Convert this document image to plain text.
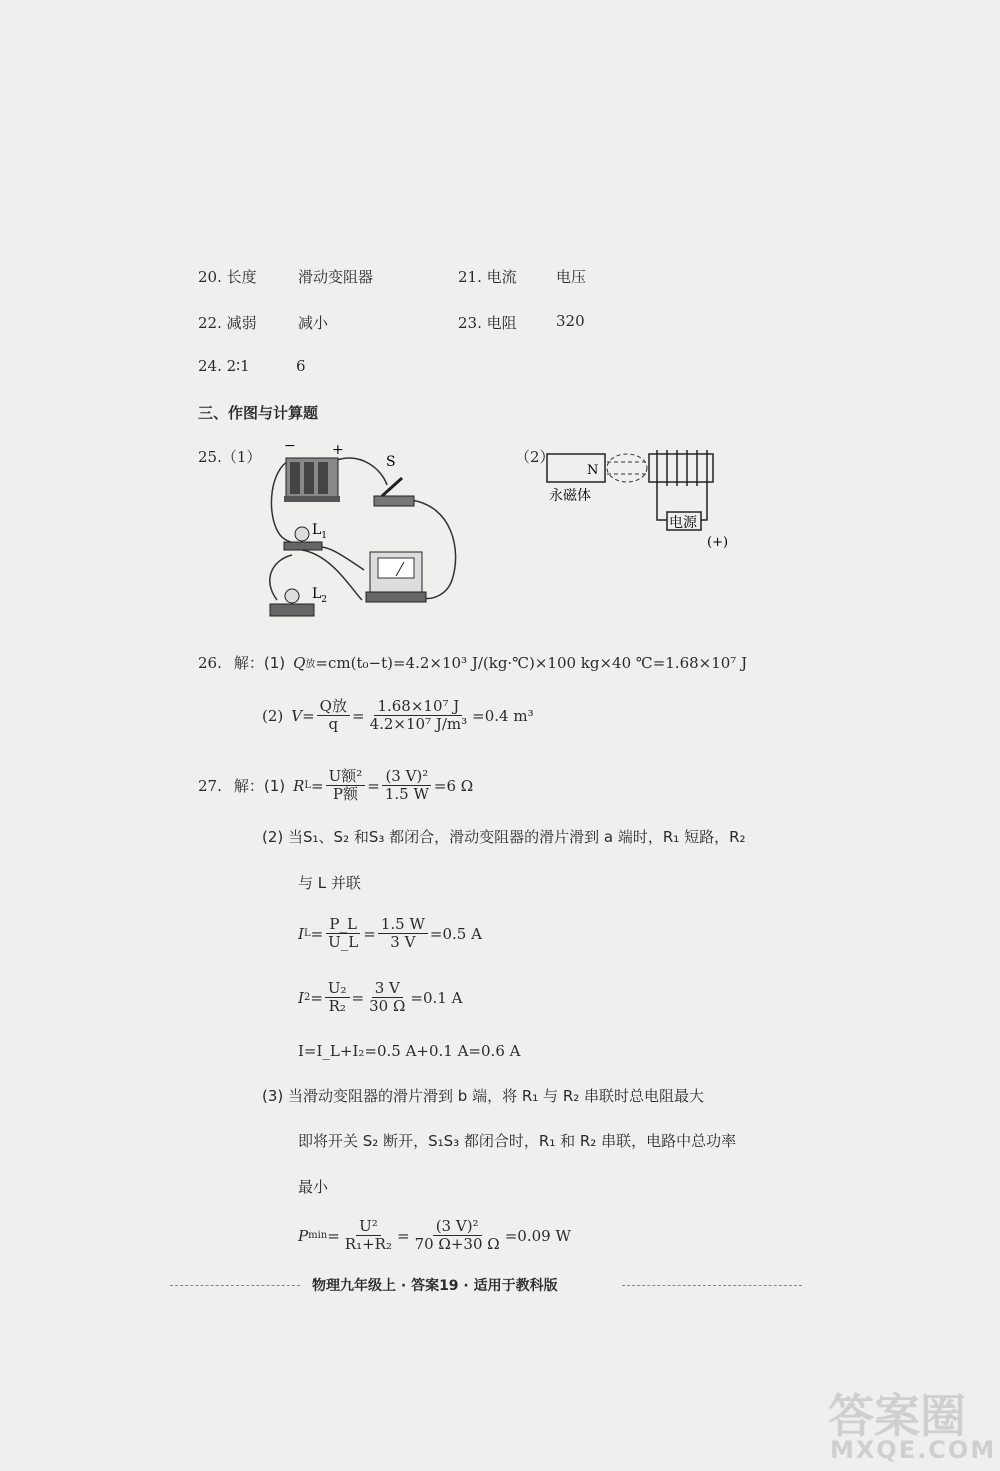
20. 长度	滑动变阻器	21. 电流	电压
22. 减弱	减小	23. 电阻	320
24. 2∶1	6
三、作图与计算题
25.（1）
−	+
S
$L_1$
$L_2$
（2）
N
电源
(+)
永磁体
26. 解：(1) Q 放 =cm(t₀−t)=4.2×10³ J/(kg·℃)×100 kg×40 ℃=1.68×10⁷ J
(2) $V = \frac{\text{Q放}}{q} = \frac{\text{1.68×10⁷ J}}{\text{4.2×10⁷ J/m³}} =0.4$ m³
27. 解：(1) R $L = \frac{\text{U额²}}{\text{P额}} = \frac{\text{(3 V)²}}{1.5 W} =6$ Ω
(2) 当S₁、S₂ 和S₃ 都闭合，滑动变阻器的滑片滑到 a 端时，R₁ 短路，R₂
与 L 并联
I $L = \frac{P\_L}{U\_L} = \frac{1.5 W}{3 V} =0.5$ A
I $2 = \frac{\text{U₂}}{\text{R₂}} = \frac{3 V}{30 \Omega} =0.1$ A
I=I_L+I₂=0.5 A+0.1 A=0.6 A
(3) 当滑动变阻器的滑片滑到 b 端，将 R₁ 与 R₂ 串联时总电阻最大
即将开关 S₂ 断开，S₁S₃ 都闭合时，R₁ 和 R₂ 串联，电路中总功率
最小
P $\min = \frac{\text{U²}}{\text{R₁+R₂}} = \frac{\text{(3 V)²}}{70 \Omega+30 \Omega} =0.09$ W
物理九年级上 · 答案19 · 适用于教科版
答案圈
MXQE.COM
